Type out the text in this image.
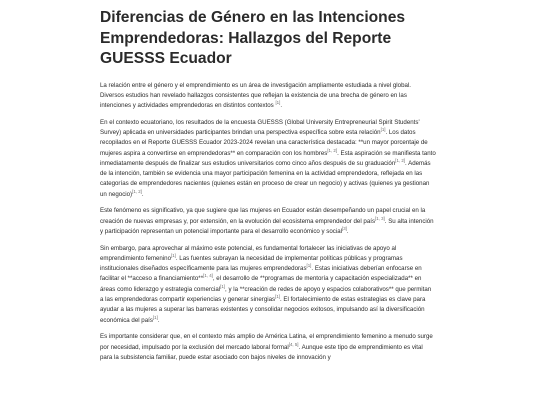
Diferencias de Género en las Intenciones Emprendedoras: Hallazgos del Reporte GUESSS Ecuador

La relación entre el género y el emprendimiento es un área de investigación ampliamente estudiada a nivel global. Diversos estudios han revelado hallazgos consistentes que reflejan la existencia de una brecha de género en las intenciones y actividades emprendedoras en distintos contextos [1].

En el contexto ecuatoriano, los resultados de la encuesta GUESSS (Global University Entrepreneurial Spirit Students' Survey) aplicada en universidades participantes brindan una perspectiva específica sobre esta relación[1]. Los datos recopilados en el Reporte GUESSS Ecuador 2023-2024 revelan una característica destacada: **un mayor porcentaje de mujeres aspira a convertirse en emprendedoras** en comparación con los hombres[1, 2]. Esta aspiración se manifiesta tanto inmediatamente después de finalizar sus estudios universitarios como cinco años después de su graduación[1, 2]. Además de la intención, también se evidencia una mayor participación femenina en la actividad emprendedora, reflejada en las categorías de emprendedores nacientes (quienes están en proceso de crear un negocio) y activas (quienes ya gestionan un negocio)[1, 2].

Este fenómeno es significativo, ya que sugiere que las mujeres en Ecuador están desempeñando un papel crucial en la creación de nuevas empresas y, por extensión, en la evolución del ecosistema emprendedor del país[1, 3]. Su alta intención y participación representan un potencial importante para el desarrollo económico y social[3].

Sin embargo, para aprovechar al máximo este potencial, es fundamental fortalecer las iniciativas de apoyo al emprendimiento femenino[1]. Las fuentes subrayan la necesidad de implementar políticas públicas y programas institucionales diseñados específicamente para las mujeres emprendedoras[1]. Estas iniciativas deberían enfocarse en facilitar el **acceso a financiamiento**[1, 4], el desarrollo de **programas de mentoría y capacitación especializada** en áreas como liderazgo y estrategia comercial[1], y la **creación de redes de apoyo y espacios colaborativos** que permitan a las emprendedoras compartir experiencias y generar sinergias[1]. El fortalecimiento de estas estrategias es clave para ayudar a las mujeres a superar las barreras existentes y consolidar negocios exitosos, impulsando así la diversificación económica del país[1].

Es importante considerar que, en el contexto más amplio de América Latina, el emprendimiento femenino a menudo surge por necesidad, impulsado por la exclusión del mercado laboral formal[4, 5]. Aunque este tipo de emprendimiento es vital para la subsistencia familiar, puede estar asociado con bajos niveles de innovación y
